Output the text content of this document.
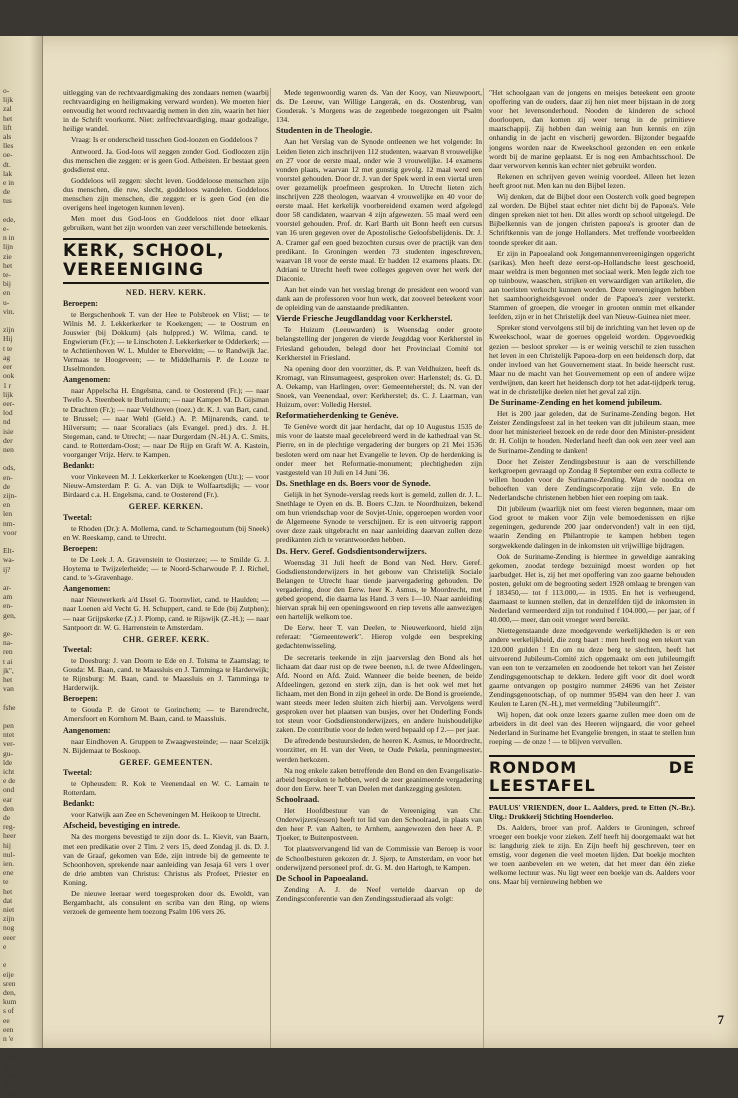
o-
lijk
zal
het
lift
als
lles
oe-
dt.
lak
e in
de
tus

ede,
e-
n in
lijn
zie
het
te-
bij
en
u-
vin.

zijn
Hij
t te
ag
eer
ook
1 r
lijk
eer-
lod
nd
isie
der
nen

ods,
en-
de
zijn-
en
len
nm-
voor

Elt-
wa-
ij?

ar-
am
en-
gen,

ge-
na-
ren
t ai
jk",
het
van

fshe

pen
ntet
ver-
gu-
lde
icht
e de
ond
ear
den
de
reg-
heer
hij
nul-
ien.
ene
te
het
dat
niet
zijn
nog
eeer
e

e
eije
sren
den,
kum
s of
ee
een
n 'e

Viel
Bik
nen
Dus
telk

uitlegging van de rechtvaardigmaking des zondaars nemen (waarbij rechtvaardiging en heiligmaking verward worden). We moeten hier eenvoudig het woord rechtvaardig nemen in den zin, waarin het hier in de Schrift voorkomt. Niet: zelfrechtvaardiging, maar godzalige, heilige wandel.

Vraag: Is er onderscheid tusschen God-loozen en Goddeloos ?

Antwoord. Ja. God-loos wil zeggen zonder God. Godloozen zijn dus menschen die zeggen: er is geen God. Atheisten. Er bestaat geen godsdienst enz.

Goddeloos wil zeggen: slecht leven. Goddeloose menschen zijn dus menschen, die ruw, slecht, goddeloos wandelen. Goddeloos menschen zijn menschen, die zeggen: er is geen God (en die overigens heel ingetogen kunnen leven).

Men moet dus God-loos en Goddeloos niet door elkaar gebruiken, want het zijn woorden van zeer verschillende beteekenis.

KERK, SCHOOL, VEREENIGING
NED. HERV. KERK.

Beroepen:

te Bergschenhoek T. van der Hee te Polsbroek en Vlist; — te Wilnis M. J. Lekkerkerker te Koekengen; — te Oostrum en Jouswier (bij Dokkum) (als hulppred.) W. Wilma, cand. te Engwierum (Fr.); — te Linschoten J. Lekkerkerker te Odderkerk; — te Achttienhoven W. L. Mulder te Eberveldm; — te Randwijk Jac. Vermaas te Hoogeveen; — te Middelharnis P. de Looze te IJsselmonden.

Aangenomen:

naar Appelscha H. Engelsma, cand. te Oosterend (Fr.); — naar Twello A. Steenbeek te Burhuizum; — naar Kampen M. D. Gijsman te Drachten (Fr.); — naar Veldhoven (toez.) dr. K. J. van Bart, cand. te Brussel; — naar Wehl (Geld.) A. P. Mijnarends, cand. te Hilversum; — naar Scoraliacs (als Evangel. pred.) drs. J. H. Stegeman, cand. te Utrecht; — naar Durgerdam (N.-H.) A. C. Smits, cand. te Rotterdam-Oost; — naar De Rijp en Graft W. A. Kastein, voorganger Vrijz. Herv. te Kampen.

Bedankt:

voor Vinkeveen M. J. Lekkerkerker te Koekengen (Utr.); — voor Nieuw-Amsterdam P. G. A. van Dijk te Wolfaartsdijk; — voor Birdaard c.a. H. Engelsma, cand. te Oosterend (Fr.).

GEREF. KERKEN.

Tweetal:

te Rhoden (Dr.): A. Mollema, cand. te Scharnegoutum (bij Sneek) en W. Reeskamp, cand. te Utrecht.

Beroepen:

te De Leek J. A. Gravenstein te Oosterzee; — te Smilde G. J. Hoytema te Twijzelerheide; — te Noord-Scharwoude P. J. Richel, cand. te 's-Gravenhage.

Aangenomen:

naar Nieuwerkerk a/d IJssel G. Toornvliet, cand. te Haulden; — naar Loenen a/d Vecht G. H. Schuppert, cand. te Ede (bij Zutphen); — naar Grijpskerke (Z.) J. Plomp, cand. te Rijswijk (Z.-H.); — naar Santpoort dr. W. G. Harrenstein te Amsterdam.

CHR. GEREF. KERK.

Tweetal:

te Doesburg: J. van Doorn te Ede en J. Tolsma te Zaamslag; te Gouda: M. Baan, cand. te Maassluis en J. Tamminga te Harderwijk; te Rijnsburg: M. Baan, cand. te Maassluis en J. Tamminga te Harderwijk.

Beroepen:

te Gouda P. de Groot te Gorinchem; — te Barendrecht, Amersfoort en Kornhorn M. Baan, cand. te Maassluis.

Aangenomen:

naar Eindhoven A. Gruppen te Zwaagwesteinde; — naar Scelzijk N. Bijdemaat te Boskoop.

GEREF. GEMEENTEN.

Tweetal:

te Opheusden: R. Kok te Veenendaal en W. C. Lamain te Rotterdam.

Bedankt:

voor Katwijk aan Zee en Scheveningen M. Heikoop te Utrecht.

Afscheid, bevestiging en intrede.

Na des morgens bevestigd te zijn door ds. L. Kievit, van Baarn, met een predikatie over 2 Tim. 2 vers 15, deed Zondag jl. ds. D. J. van de Graaf, gekomen van Ede, zijn intrede bij de gemeente te Schoonhoven, sprekende naar aanleiding van Jesaja 61 vers 1 over de drie ambten van Christus: Christus als Profeet, Priester en Koning.

De nieuwe leeraar werd toegesproken door ds. Ewoldt, van Bergambacht, als consulent en scriba van den Ring, op wiens verzoek de gemeente hem toezong Psalm 106 vers 26.

Mede tegenwoordig waren ds. Van der Kooy, van Nieuwpoort, ds. De Leeuw, van Willige Langerak, en ds. Oostenbrug, van Gouderak. 's Morgens was de zegenbede toegezongen uit Psalm 134.

Studenten in de Theologie.

Aan het Verslag van de Synode ontleenen we het volgende: In Leiden lieten zich inschrijven 112 studenten, waarvan 8 vrouwelijke en 27 voor de eerste maal, onder wie 3 vrouwelijke. 14 examens vonden plaats, waarvan 12 met gunstig gevolg. 12 maal werd een voorstel gehouden. Door dr. J. van der Spek werd in een viertal uren over gezamelijk proefmeen gesproken. In Utrecht lieten zich inschrijven 228 theologen, waarvan 4 vrouwelijke en 40 voor de eerste maal. Het kerkelijk voorbereidend examen werd afgelegd door 58 candidaten, waarvan 4 zijn afgewezen. 55 maal werd een voorstel gehouden. Prof. dr. Karl Barth uit Bonn heeft een cursus van 16 uren gegeven over de Apostolische Geloofsbelijdenis. Dr. J. A. Cramer gaf een goed bezochten cursus over de practijk van den predikant. In Groningen werden 73 studenten ingeschreven, waarvan 18 voor de eerste maal. Er hadden 12 examens plaats. Dr. Adriani te Utrecht heeft twee colleges gegeven over het werk der Diaconie.

Aan het einde van het verslag brengt de president een woord van dank aan de professoren voor hun werk, dat zooveel beteekent voor de opleiding van de aanstaande predikanten.

Vierde Friesche Jeugdlanddag voor Kerkherstel.

Te Huizum (Leeuwarden) is Woensdag onder groote belangstelling der jongeren de vierde Jeugddag voor Kerkherstel in Friesland gehouden, belegd door het Provinciaal Comité tot Kerkherstel in Friesland.

Na opening door den voorzitter, ds. P. van Veldhuizen, heeft ds. Kromagt, van Rinsumageest, gesproken over: Harlenstel; ds. G. D. A. Oekamp, van Harlingen, over: Gemeenteherstel; ds. N. van der Snoek, van Veenendaal, over: Kerkherstel; ds. C. J. Laarman, van Huizum, over: Volledig Herstel.

Reformatieherdenking te Genève.

Te Genève wordt dit jaar herdacht, dat op 10 Augustus 1535 de mis voor de laatste maal gecelebreerd werd in de kathedraal van St. Pierre, en in de plechtige vergadering der burgers op 21 Mei 1536 besloten werd om naar het Evangelie te leven. Op de herdenking is onder meer het Reformatie-monument; plechtigheden zijn vastgesteld van 10 Juli en 14 Juni '36.

Ds. Snethlage en ds. Boers voor de Synode.

Gelijk in het Synode-verslag reeds kort is gemeld, zullen dr. J. L. Snethlage te Oyen en ds. B. Boers C.Jzn. te Noordhuizen, bekend om hun vriendschap voor de Sovjet-Unie, opgeroepen worden voor de Algemeene Synode te verschijnen. Er is een uitvoerig rapport over deze zaak uitgebracht en naar aanleiding daarvan zullen deze predikanten zich te verantwoorden hebben.

Ds. Herv. Geref. Godsdientsonderwijzers.

Woensdag 31 Juli heeft de Bond van Ned. Herv. Geref. Godsdienstonderwijzers in het gebouw van Christelijk Sociale Belangen te Utrecht haar tiende jaarvergadering gehouden. De vergadering, door den Eerw. heer K. Asmus, te Moordrecht, met gebed geopend, die daarna las Hand. 3 vers 1—10. Naar aanleiding hiervan sprak hij een openingswoord en riep tevens alle aanwezigen een hartelijk welkom toe.

De Eerw. heer T. van Deelen, te Nieuwerkoord, hield zijn referaat: "Gemeentewerk". Hierop volgde een bespreking gedachtenwisseling.

De secretaris teekende in zijn jaarverslag den Bond als het lichaam dat daar rust op de twee beenen, n.l. de twee Afdeelingen, Afd. Noord en Afd. Zuid. Wanneer die beide beenen, de beide Afdeelingen, gezond en sterk zijn, dan is het ook wel met het lichaam, met den Bond in zijn geheel in orde. De Bond is groeiende, want steeds meer leden sluiten zich hierbij aan. Vervolgens werd gesproken over het plaatsen van busjes, over het Onderling Fonds tot steun voor Godsdienstonderwijzers, en andere huishoudelijke zaken. De contributie voor de leden werd bepaald op f 2.— per jaar.

De aftredende bestuursleden, de heeren K. Asmus, te Moordrecht, voorzitter, en H. van der Veen, te Oude Pekela, penningmeester, werden herkozen.

Na nog enkele zaken betreffende den Bond en den Evangelisatie-arbeid besproken te hebben, werd de zeer geanimeerde vergadering door den Eerw. heer T. van Deelen met dankzegging gesloten.

Schoolraad.

Het Hoofdbestuur van de Vereeniging van Chr. Onderwijzers(essen) heeft tot lid van den Schoolraad, in plaats van den heer P. van Aalten, te Arnhem, aangewezen den heer A. P. Tjoeker, te Buitenpostveen.

Tot plaatsvervangend lid van de Commissie van Beroep is voor de Schoolbesturen gekozen dr. J. Sjerp, te Amsterdam, en voor het onderwijzend personeel prof. dr. G. M. den Hartogh, te Kampen.

De School in Papoealand.

Zending A. J. de Neef vertelde daarvan op de Zendingsconferentie van den Zendingsstudieraad als volgt:

"Het schoolgaan van de jongens en meisjes beteekent een groote opoffering van de ouders, daar zij hen niet meer bijstaan in de zorg voor het levensonderhoud. Nooden de kinderen de school doorloopen, dan komen zij weer terug in de primitieve maatschappij. Zij hebben dan weinig aan hun kennis en zijn onhandig in de jacht en vischerij geworden. Bijzonder begaafde jongens worden naar de Kweekschool gezonden en een enkele wordt bij de marine geplaatst. Er is nog een Ambachtsschool. De daar verworven kennis kan echter niet gebruikt worden.

Rekenen en schrijven geven weinig voordeel. Alleen het lezen heeft groot nut. Men kan nu den Bijbel lezen.

Wij denken, dat de Bijbel door een Oosterch volk goed begrepen zal worden. De Bijbel staat echter niet dicht bij de Papoea's. Vele dingen spreken niet tot hen. Dit alles wordt op school uitgelegd. De Bijbelkennis van de jongen christen papoea's is grooter dan de Schriftkennis van de jonge Hollanders. Met treffende voorbeelden toonde spreker dit aan.

Er zijn in Papoealand ook Jongemannenvereenigingen opgericht (sarikas). Men heeft deze eerst-op-Hollandsche leest geschoeid, maar weldra is men begonnen met sociaal werk. Men legde zich toe op tuinbouw, waaschen, strijken en verwaardigen van artikelen, die aan toeristen verkocht kunnen worden. Deze vereenigingen hebben het saamhoorigheidsgevoel onder de Papoea's zeer versterkt. Stammen of groepen, die vroeger in grooten onmin met elkander leefden, zijn er in het Christelijk deel van Nieuw-Guinea niet meer.

Spreker stond vervolgens stil bij de inrichting van het leven op de Kweekschool, waar de goeroes opgeleid worden. Opgevoedkig gezien — besloot spreker — is er weinig verschil te zien tusschen het leven in een Christelijk Papoea-dorp en een heidensch dorp, dat onder invloed van het Gouvernement staat. In beide heerscht rust. Maar nu de macht van het Gouvernement op een of andere wijze verdwijnen, dan keert het heidensch dorp tot het adat-tijdperk terug, wat in de christelijke deelen niet het geval zal zijn.

De Suriname-Zending en het komend jubileum.

Het is 200 jaar geleden, dat de Suriname-Zending begon. Het Zeister Zendingsfeest zal in het teeken van dit jubileum staan, mee door het ministerieel bezoek en de rede door den Minister-president dr. H. Colijn te houden. Nederland heeft dan ook een zeer veel aan de Suriname-Zending te danken!

Door het Zeister Zendingsbestuur is aan de verschillende kerkgroepen gevraagd op Zondag 8 September een extra collecte te willen houden voor de Suriname-Zending. Want de noodza en behoeften van dere Zendingscorporatie zijn vele. En de Nederlandsche christenen hebben hier een roeping om taak.

Dit jubileum (waarlijk niet om feest vieren begonnen, maar om God groot te maken voor Zijn vele bemoedenissen en rijke zegeningen, gedurende 200 jaar ondervonden!) valt in een tijd, waarin Zending en Philantropie te kampen hebben tegen sorgwekkende dalingen in de inkomsten uit vrijwillige bijdragen.

Ook de Suriname-Zending is hiermee in geweldige aanraking gekomen, zoodat terdege bezuinigd moest worden op het jaarbudget. Het is, zij het met opoffering van zoo gaarne behouden posten, gelukt om de begrooting sedert 1928 omlaag te brengen van f 183450,— tot f 113.000,— in 1935. En het is verheugend, daarnaast te kunnen stellen, dat in denzelfden tijd de inkomsten in Nederland vermeerderd zijn tot ronduited f 104.000,— per jaar, of f 40.000,— meer, dan ooit vroeger werd bereikt.

Niettegenstaande deze moedgevende werkelijkheden is er een andere werkelijkheid, die zorg baart : men heeft nog een tekort van 120.000 gulden ! En om nu deze berg te slechten, heeft het uitvoerend Jubileum-Comité zich opgemaakt om een jubileumgift van een ton te verzamelen en zoodoende het tekort van het Zeister Zendingsgenootschap te dekken. Iedere gift voor dit doel wordt gaarne ontvangen op postgiro nummer 24696 van het Zeister Zendingsgenootschap, of op nummer 95494 van den heer J. van Keulen te Laren (N.-H.), met vermelding "Jubileumgift".

Wij hopen, dat ook onze lezers gaarne zullen mee doen om de arbeiders in dit deel van des Heeren wijngaard, die voor geheel Nederland in Suriname het Evangelie brengen, in staat te stellen hun roeping — de onze ! — te blijven vervullen.

RONDOM DE LEESTAFEL

PAULUS' VRIENDEN, door L. Aalders, pred. te Etten (N.-Br.). Uitg.: Drukkerij Stichting Hoenderloo.

Ds. Aalders, broer van prof. Aalders te Groningen, schreef vroeger een boekje voor zieken. Zelf heeft hij doorgemaakt wat het is: langdurig ziek te zijn. En Zijn heeft hij geschreven, teer en ernstig, voor degenen die veel moeten lijden. Dat boekje mochten we toen aanbevelen en we weten, dat het meer dan één zieke welkome lectuur was. Nu ligt weer een boekje van ds. Aalders voor ons. Maar bij vernieuwing hebben we

7
